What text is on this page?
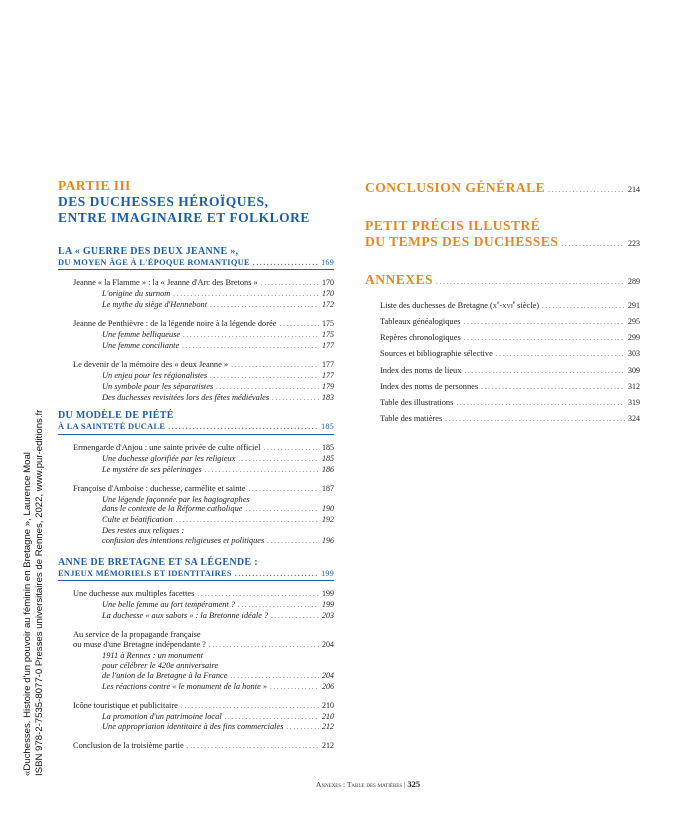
«Duchesses. Histoire d'un pouvoir au féminin en Bretagne », Laurence Moal ISBN 978-2-7535-8077-0 Presses universitaires de Rennes, 2022, www.pur-editions.fr
PARTIE III
DES DUCHESSES HÉROÏQUES,
ENTRE IMAGINAIRE ET FOLKLORE
LA « GUERRE DES DEUX JEANNE »,
DU MOYEN ÂGE À L'ÉPOQUE ROMANTIQUE . . .	169
Jeanne « la Flamme » : la « Jeanne d'Arc des Bretons » . . .	170
L'origine du surnom . . .	170
Le mythe du siège d'Hennebont . . .	172
Jeanne de Penthièvre : de la légende noire à la légende dorée . . .	175
Une femme belliqueuse . . .	175
Une femme conciliante . . .	177
Le devenir de la mémoire des « deux Jeanne » . . .	177
Un enjeu pour les régionalistes . . .	177
Un symbole pour les séparatistes . . .	179
Des duchesses revisitées lors des fêtes médiévales . . .	183
DU MODÈLE DE PIÉTÉ
À LA SAINTETÉ DUCALE . . .	185
Ermengarde d'Anjou : une sainte privée de culte officiel . . .	185
Une duchesse glorifiée par les religieux . . .	185
Le mystère de ses pèlerinages . . .	186
Françoise d'Amboise : duchesse, carmélite et sainte . . .	187
Une légende façonnée par les hagiographes
dans le contexte de la Réforme catholique . . .	190
Culte et béatification . . .	192
Des restes aux reliques :
confusion des intentions religieuses et politiques . . .	196
ANNE DE BRETAGNE ET SA LÉGENDE :
ENJEUX MÉMORIELS ET IDENTITAIRES . . .	199
Une duchesse aux multiples facettes . . .	199
Une belle femme au fort tempérament ? . . .	199
La duchesse « aux sabots » : la Bretonne idéale ? . . .	203
Au service de la propagande française
ou muse d'une Bretagne indépendante ? . . .	204
1911 à Rennes : un monument
pour célébrer le 420e anniversaire
de l'union de la Bretagne à la France . . .	204
Les réactions contre « le monument de la honte » . . .	206
Icône touristique et publicitaire . . .	210
La promotion d'un patrimoine local . . .	210
Une appropriation identitaire à des fins commerciales . . .	212
Conclusion de la troisième partie . . .	212
CONCLUSION GÉNÉRALE . . .	214
PETIT PRÉCIS ILLUSTRÉ
DU TEMPS DES DUCHESSES . . .	223
ANNEXES . . .	289
Liste des duchesses de Bretagne ($x^e-xvi^e$ siècle) . . .	291
Tableaux généalogiques . . .	295
Repères chronologiques . . .	299
Sources et bibliographie sélective . . .	303
Index des noms de lieux . . .	309
Index des noms de personnes . . .	312
Table des illustrations . . .	319
Table des matières . . .	324
Annexes : Table des matières | 325
